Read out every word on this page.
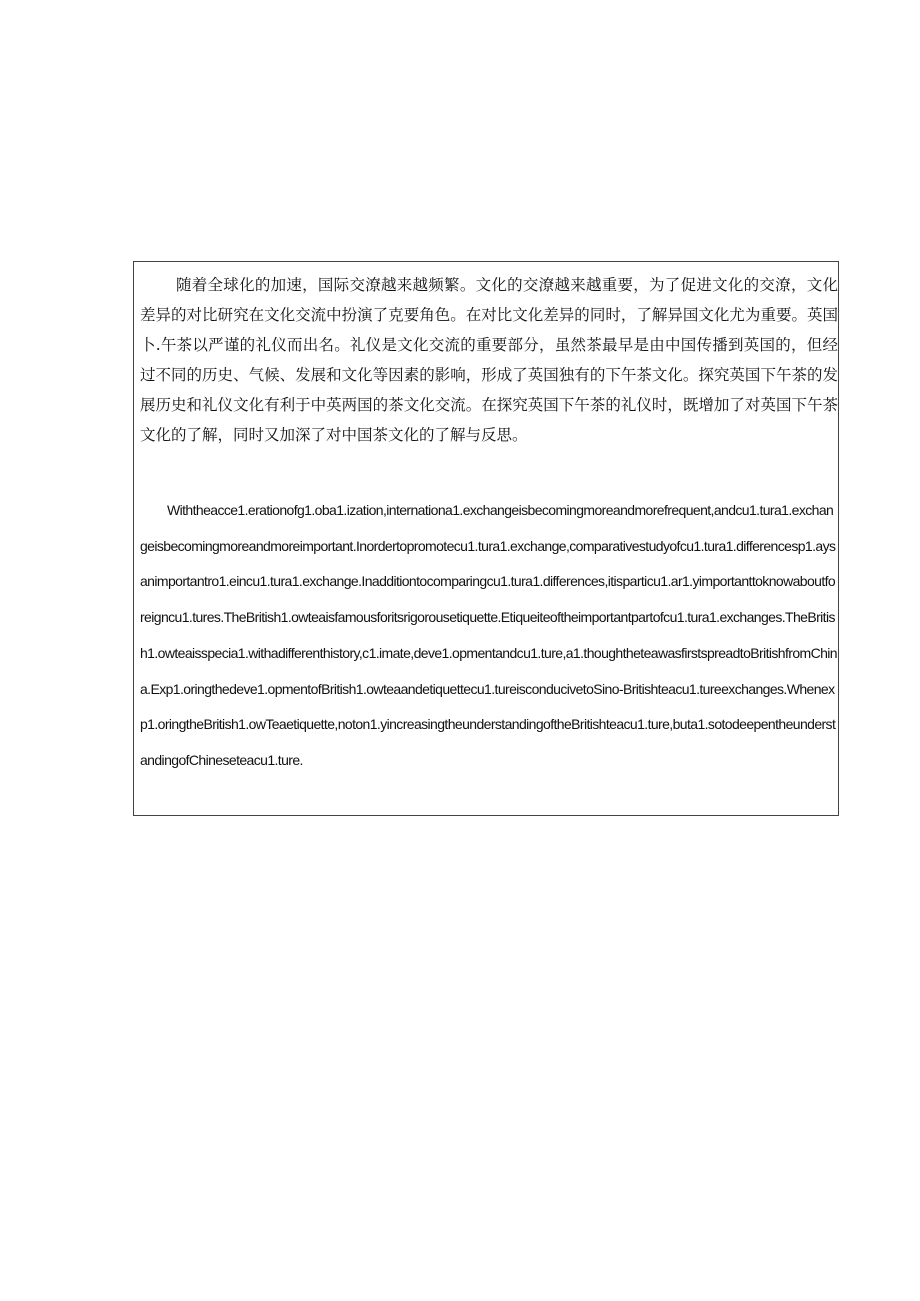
随着全球化的加速，国际交潦越来越频繁。文化的交潦越来越重要，为了促进文化的交潦，文化差异的对比研究在文化交流中扮演了克要角色。在对比文化差异的同时，了解异国文化尤为重要。英国卜.午茶以严谨的礼仪而出名。礼仪是文化交流的重要部分，虽然茶最早是由中国传播到英国的，但经过不同的历史、气候、发展和文化等因素的影响，形成了英国独有的下午茶文化。探究英国下午茶的发展历史和礼仪文化有利于中英两国的茶文化交流。在探究英国下午茶的礼仪时，既增加了对英国下午茶文化的了解，同时又加深了对中国茶文化的了解与反思。

Withtheacce1.erationofg1.oba1.ization,internationa1.exchangeisbecomingmoreandmorefrequent,andcu1.tura1.exchangeisbecomingmoreandmoreimportant.Inordertopromotecu1.tura1.exchange,comparativestudyofcu1.tura1.differencesp1.aysanimportantro1.eincu1.tura1.exchange.Inadditiontocomparingcu1.tura1.differences,itisparticu1.ar1.yimportanttoknowaboutforeigncu1.tures.TheBritish1.owteaisfamousforitsrigorousetiquette.Etiqueiteoftheimportantpartofcu1.tura1.exchanges.TheBritish1.owteaisspecia1.withadifferenthistory,c1.imate,deve1.opmentandcu1.ture,a1.thoughtheteawasfirstspreadtoBritishfromChina.Exp1.oringthedeve1.opmentofBritish1.owteaandetiquettecu1.tureisconducivetoSino-Britishteacu1.tureexchanges.Whenexp1.oringtheBritish1.owTeaetiquette,noton1.yincreasingtheunderstandingoftheBritishteacu1.ture,buta1.sotodeepentheunderstandingofChineseteacu1.ture.
